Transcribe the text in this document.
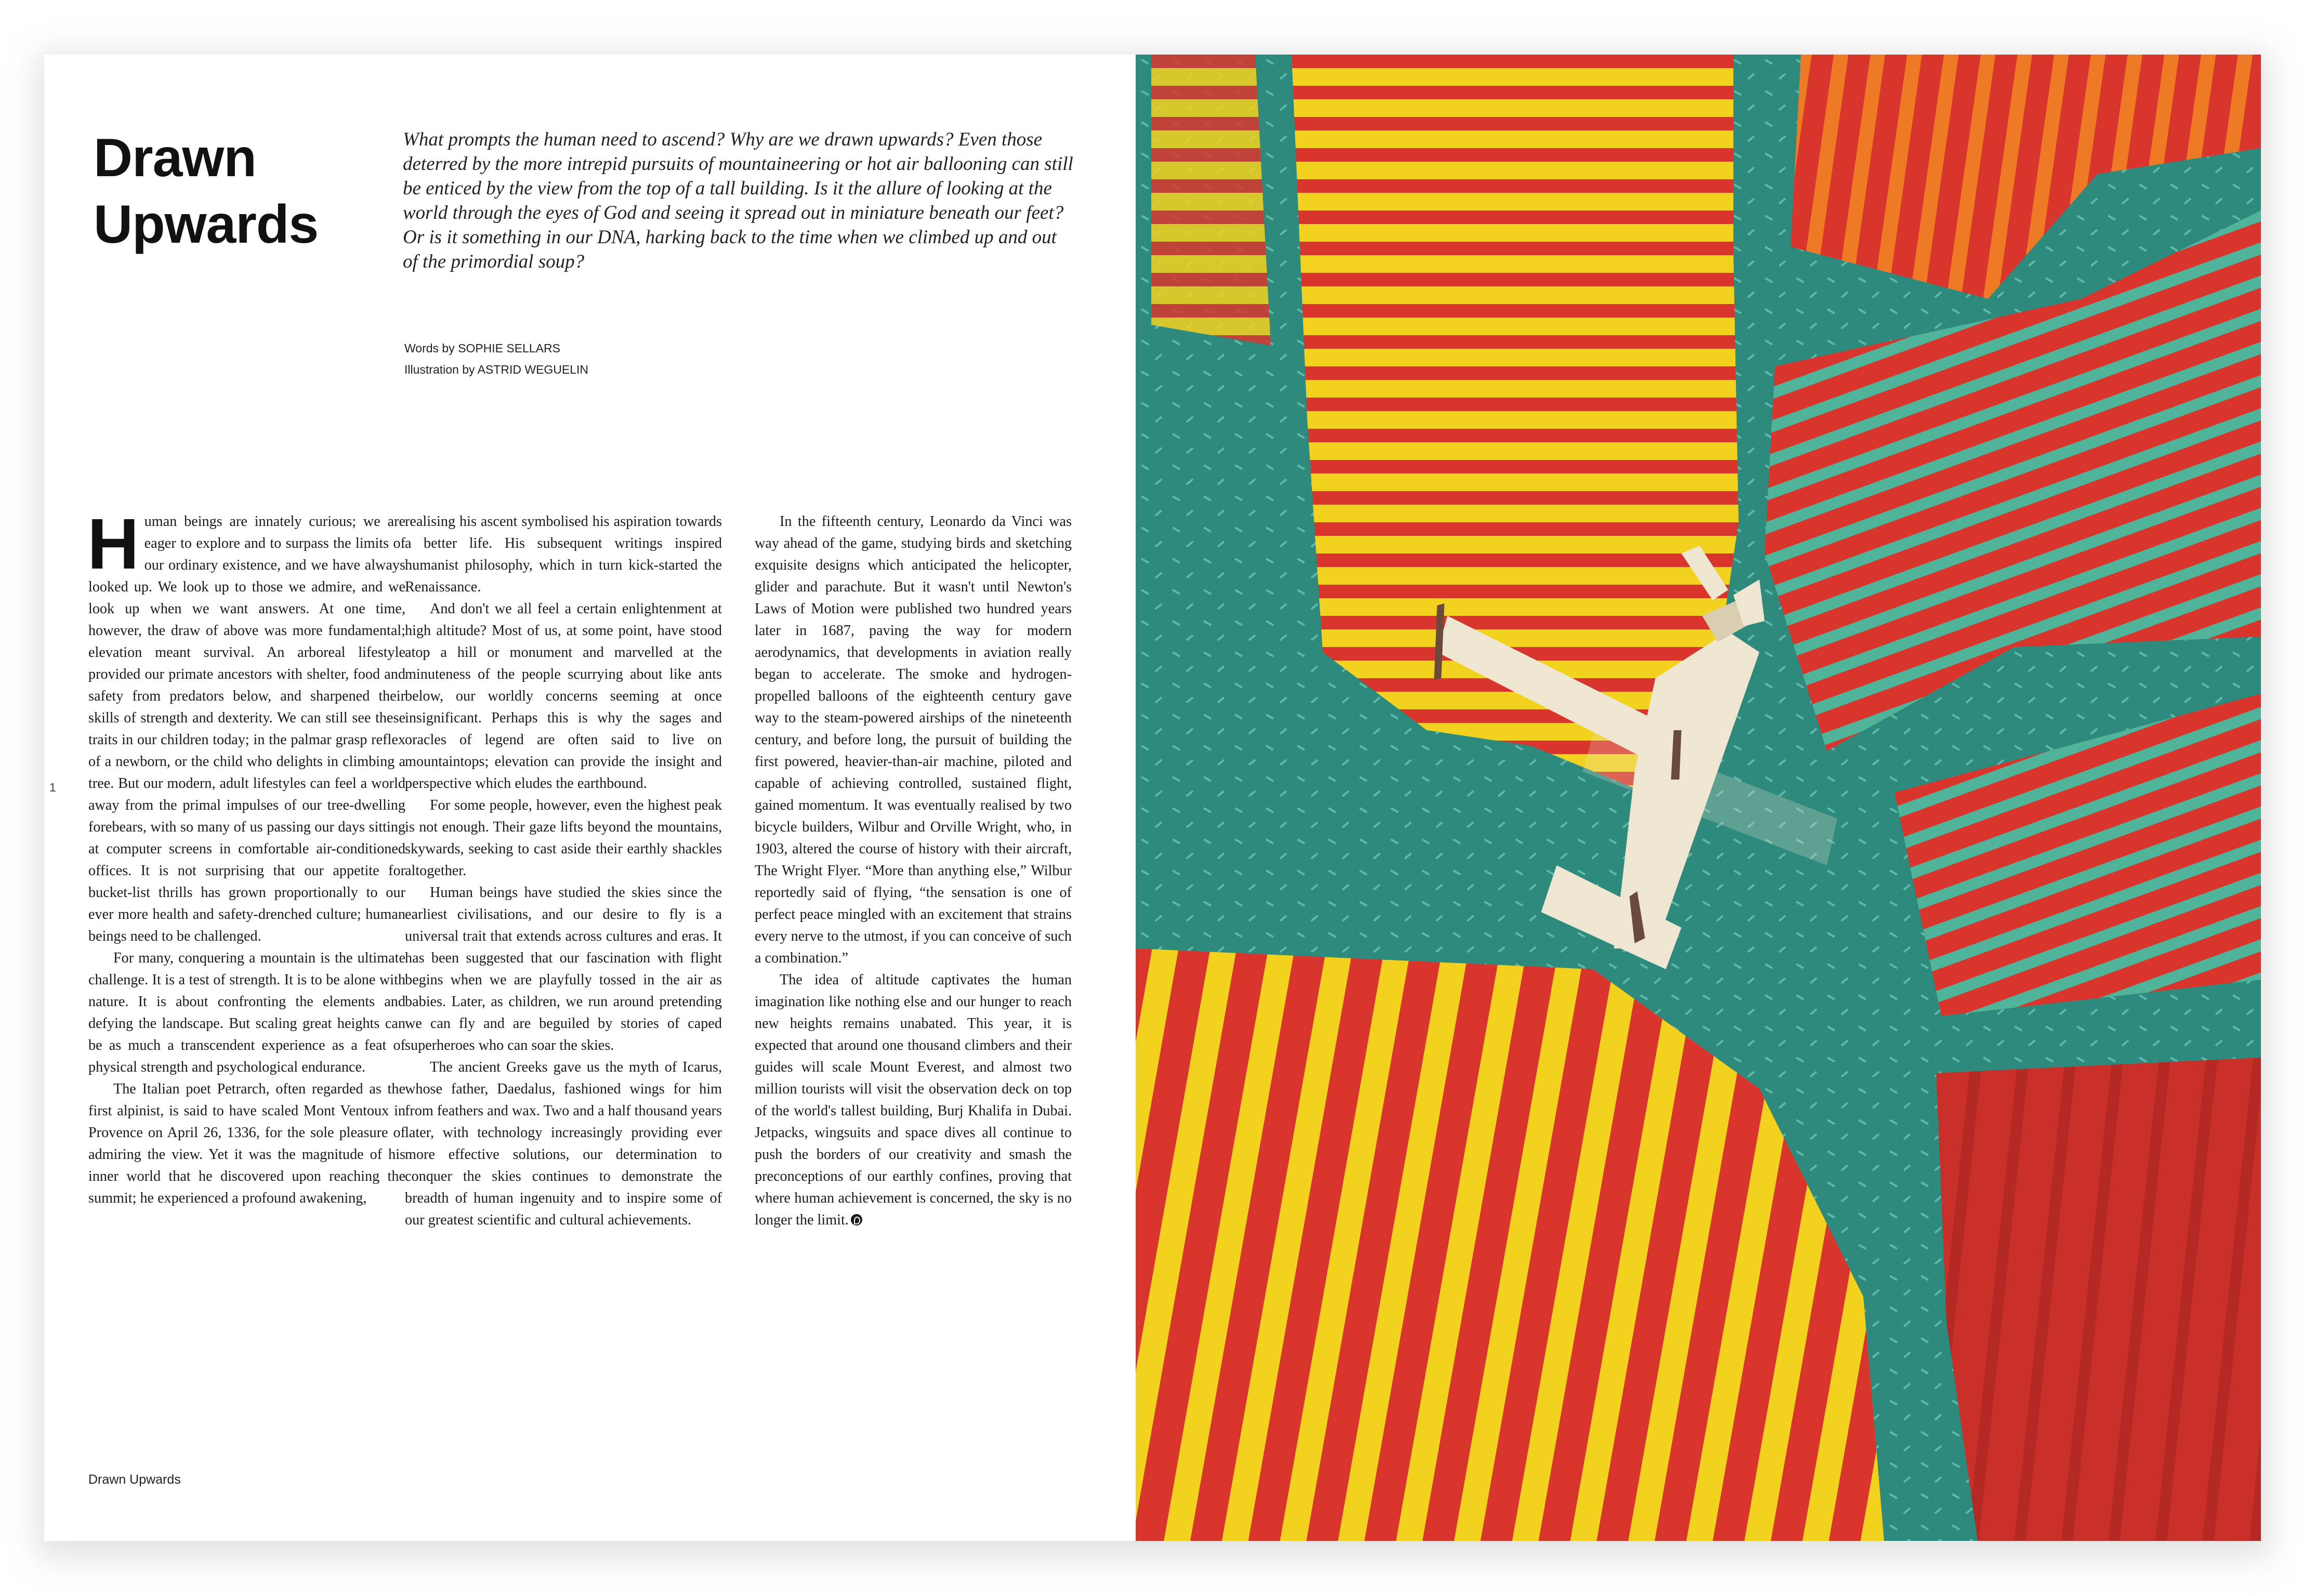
Drawn
Upwards

What prompts the human need to ascend? Why are we drawn upwards? Even those deterred by the more intrepid pursuits of mountaineering or hot air ballooning can still be enticed by the view from the top of a tall building. Is it the allure of looking at the world through the eyes of God and seeing it spread out in miniature beneath our feet? Or is it something in our DNA, harking back to the time when we climbed up and out of the primordial soup?

Words by SOPHIE SELLARS
Illustration by ASTRID WEGUELIN

Human beings are innately curious; we are eager to explore and to surpass the limits of our ordinary existence, and we have always looked up. We look up to those we admire, and we look up when we want answers. At one time, however, the draw of above was more fundamental; elevation meant survival. An arboreal lifestyle provided our primate ancestors with shelter, food and safety from predators below, and sharpened their skills of strength and dexterity. We can still see these traits in our children today; in the palmar grasp reflex of a newborn, or the child who delights in climbing a tree. But our modern, adult lifestyles can feel a world away from the primal impulses of our tree-dwelling forebears, with so many of us passing our days sitting at computer screens in comfortable air-conditioned offices. It is not surprising that our appetite for bucket-list thrills has grown proportionally to our ever more health and safety-drenched culture; human beings need to be challenged.

For many, conquering a mountain is the ultimate challenge. It is a test of strength. It is to be alone with nature. It is about confronting the elements and defying the landscape. But scaling great heights can be as much a transcendent experience as a feat of physical strength and psychological endurance.

The Italian poet Petrarch, often regarded as the first alpinist, is said to have scaled Mont Ventoux in Provence on April 26, 1336, for the sole pleasure of admiring the view. Yet it was the magnitude of his inner world that he discovered upon reaching the summit; he experienced a profound awakening,

realising his ascent symbolised his aspiration towards a better life. His subsequent writings inspired humanist philosophy, which in turn kick-started the Renaissance.

And don't we all feel a certain enlightenment at high altitude? Most of us, at some point, have stood atop a hill or monument and marvelled at the minuteness of the people scurrying about like ants below, our worldly concerns seeming at once insignificant. Perhaps this is why the sages and oracles of legend are often said to live on mountaintops; elevation can provide the insight and perspective which eludes the earthbound.

For some people, however, even the highest peak is not enough. Their gaze lifts beyond the mountains, skywards, seeking to cast aside their earthly shackles altogether.

Human beings have studied the skies since the earliest civilisations, and our desire to fly is a universal trait that extends across cultures and eras. It has been suggested that our fascination with flight begins when we are playfully tossed in the air as babies. Later, as children, we run around pretending we can fly and are beguiled by stories of caped superheroes who can soar the skies.

The ancient Greeks gave us the myth of Icarus, whose father, Daedalus, fashioned wings for him from feathers and wax. Two and a half thousand years later, with technology increasingly providing ever more effective solutions, our determination to conquer the skies continues to demonstrate the breadth of human ingenuity and to inspire some of our greatest scientific and cultural achievements.

In the fifteenth century, Leonardo da Vinci was way ahead of the game, studying birds and sketching exquisite designs which anticipated the helicopter, glider and parachute. But it wasn't until Newton's Laws of Motion were published two hundred years later in 1687, paving the way for modern aerodynamics, that developments in aviation really began to accelerate. The smoke and hydrogen-propelled balloons of the eighteenth century gave way to the steam-powered airships of the nineteenth century, and before long, the pursuit of building the first powered, heavier-than-air machine, piloted and capable of achieving controlled, sustained flight, gained momentum. It was eventually realised by two bicycle builders, Wilbur and Orville Wright, who, in 1903, altered the course of history with their aircraft, The Wright Flyer. “More than anything else,” Wilbur reportedly said of flying, “the sensation is one of perfect peace mingled with an excitement that strains every nerve to the utmost, if you can conceive of such a combination.”

The idea of altitude captivates the human imagination like nothing else and our hunger to reach new heights remains unabated. This year, it is expected that around one thousand climbers and their guides will scale Mount Everest, and almost two million tourists will visit the observation deck on top of the world's tallest building, Burj Khalifa in Dubai. Jetpacks, wingsuits and space dives all continue to push the borders of our creativity and smash the preconceptions of our earthly confines, proving that where human achievement is concerned, the sky is no longer the limit.

1
Drawn Upwards
